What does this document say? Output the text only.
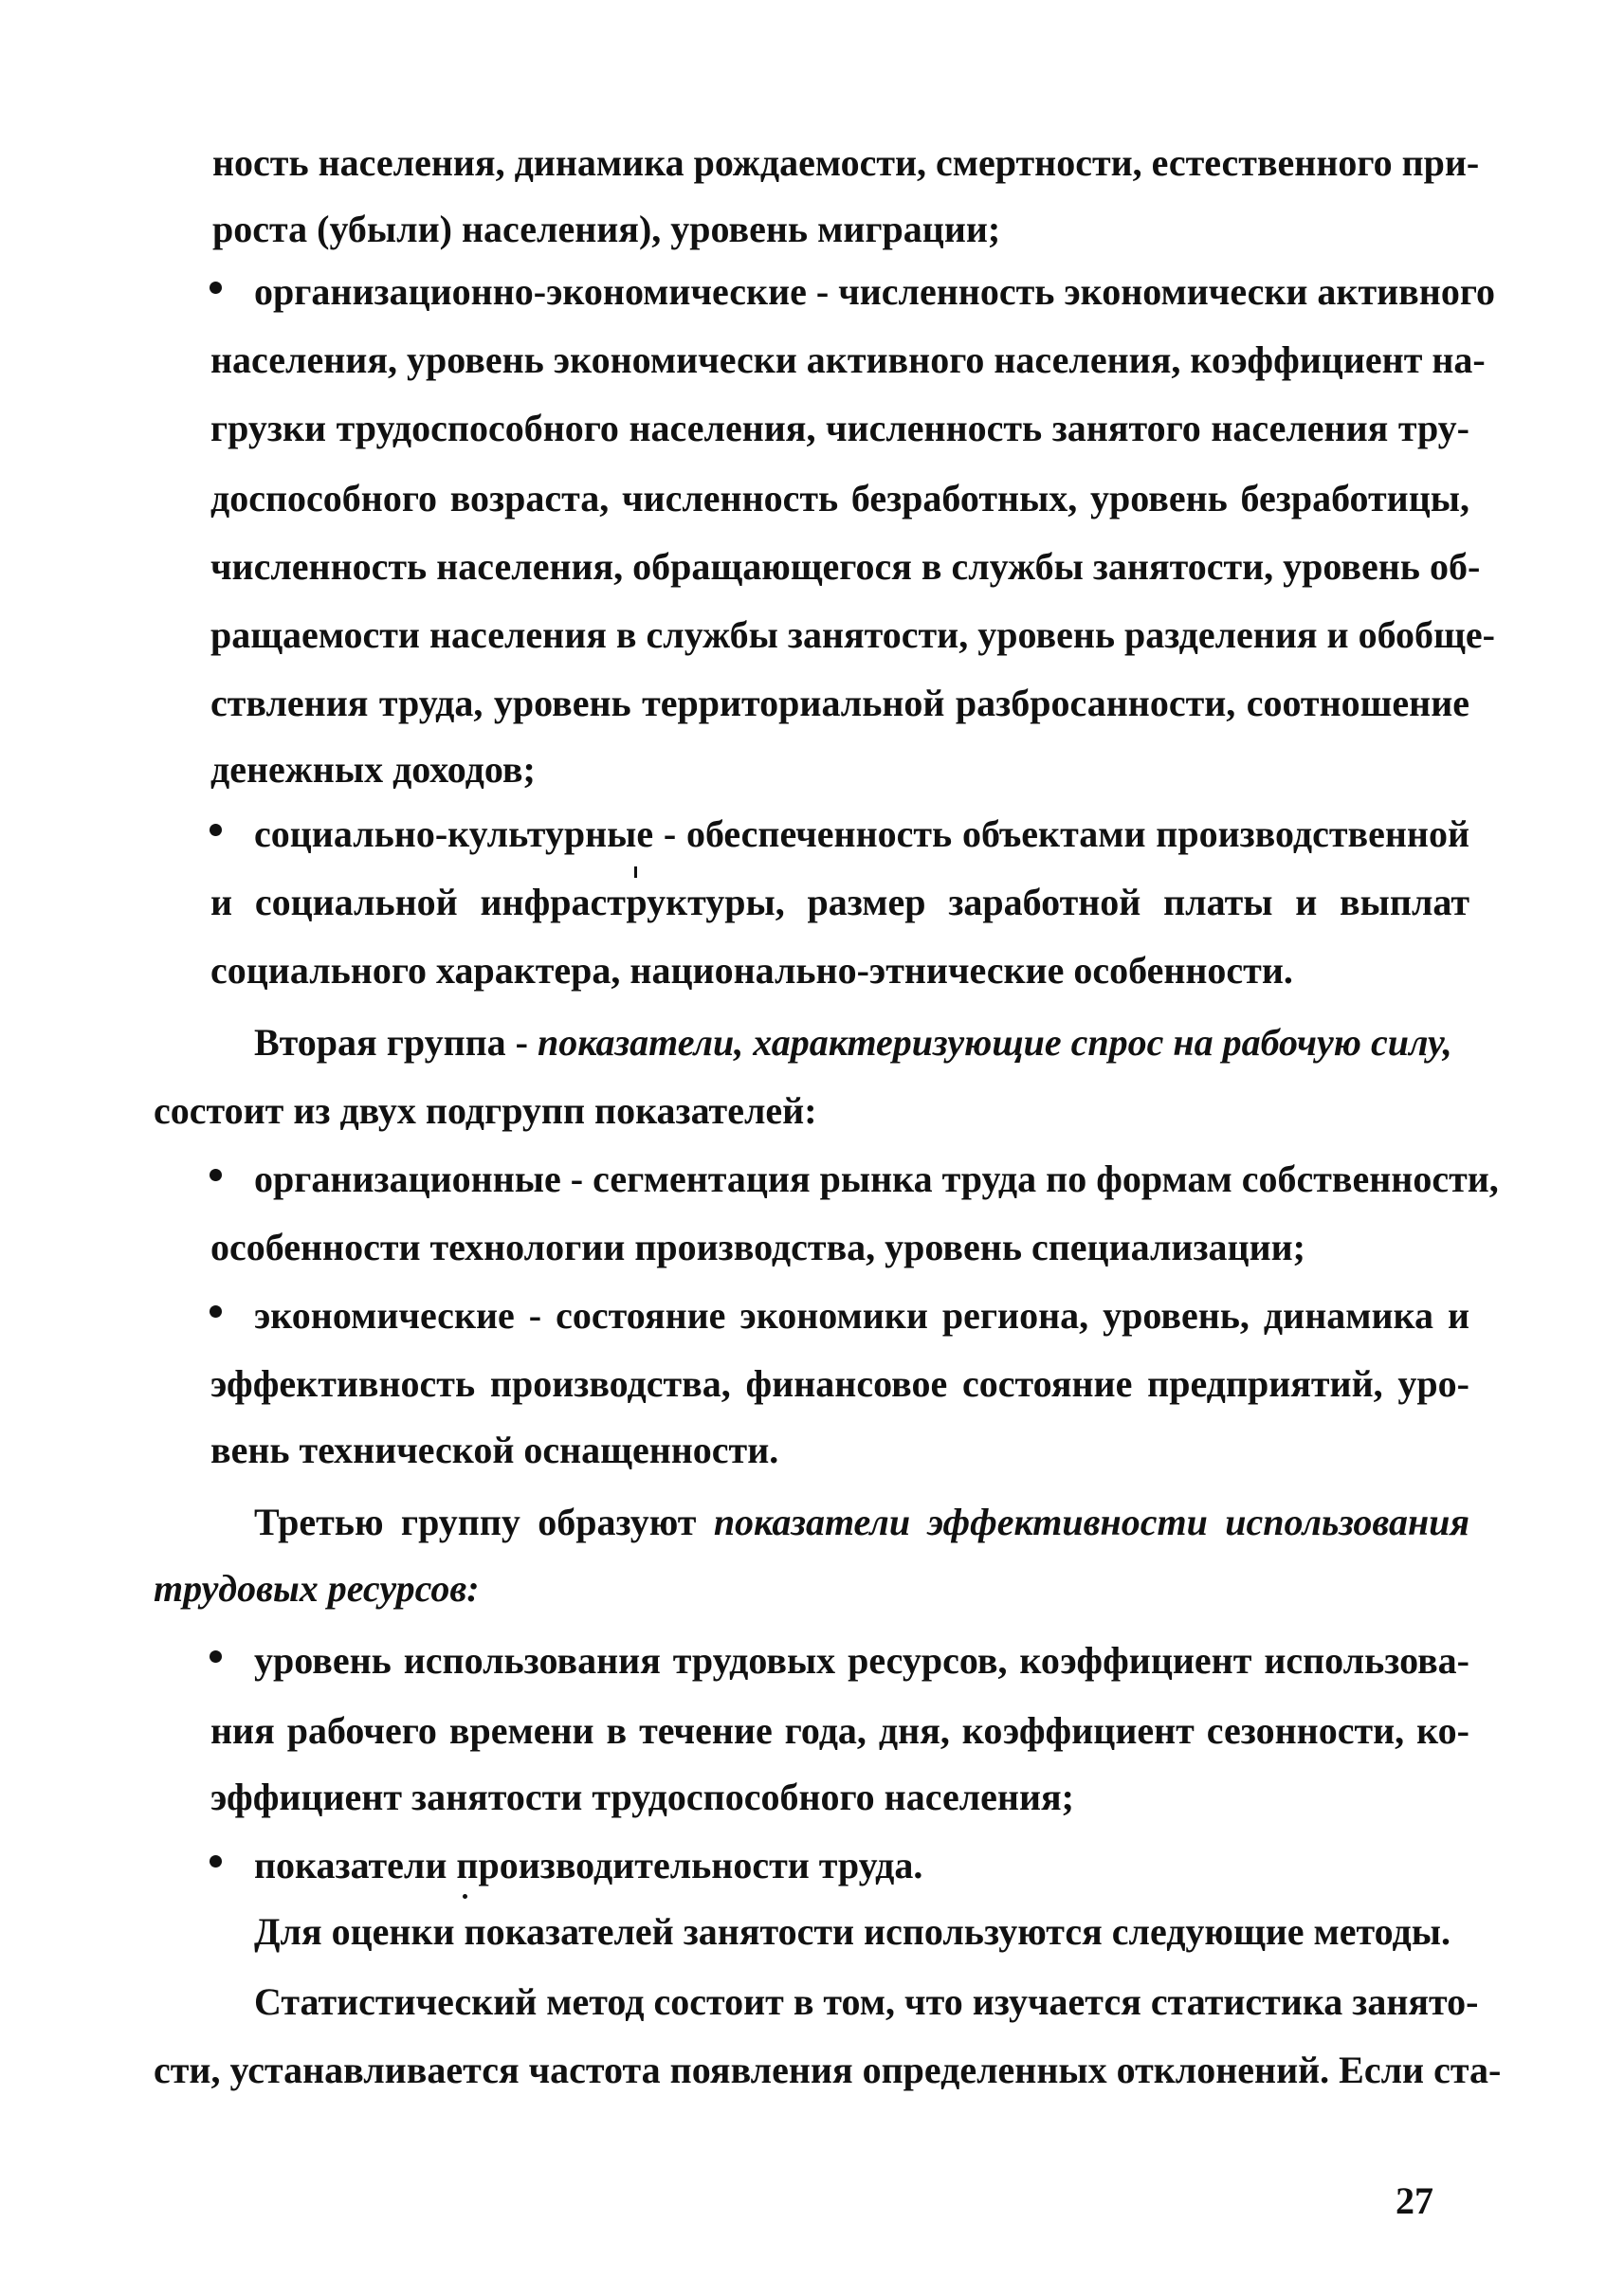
ность населения, динамика рождаемости, смертности, естественного при-
роста (убыли) населения), уровень миграции;
организационно-экономические - численность экономически активного
населения, уровень экономически активного населения, коэффициент на-
грузки трудоспособного населения, численность занятого населения тру-
доспособного возраста, численность безработных, уровень безработицы,
численность населения, обращающегося в службы занятости, уровень об-
ращаемости населения в службы занятости, уровень разделения и обобще-
ствления труда, уровень территориальной разбросанности, соотношение
денежных доходов;
социально-культурные - обеспеченность объектами производственной
и социальной инфраструктуры, размер заработной платы и выплат
социального характера, национально-этнические особенности.
Вторая группа - показатели, характеризующие спрос на рабочую силу,
состоит из двух подгрупп показателей:
организационные - сегментация рынка труда по формам собственности,
особенности технологии производства, уровень специализации;
экономические - состояние экономики региона, уровень, динамика и
эффективность производства, финансовое состояние предприятий, уро-
вень технической оснащенности.
Третью группу образуют показатели эффективности использования
трудовых ресурсов:
уровень использования трудовых ресурсов, коэффициент использова-
ния рабочего времени в течение года, дня, коэффициент сезонности, ко-
эффициент занятости трудоспособного населения;
показатели производительности труда.
Для оценки показателей занятости используются следующие методы.
Статистический метод состоит в том, что изучается статистика занято-
сти, устанавливается частота появления определенных отклонений. Если ста-
27
